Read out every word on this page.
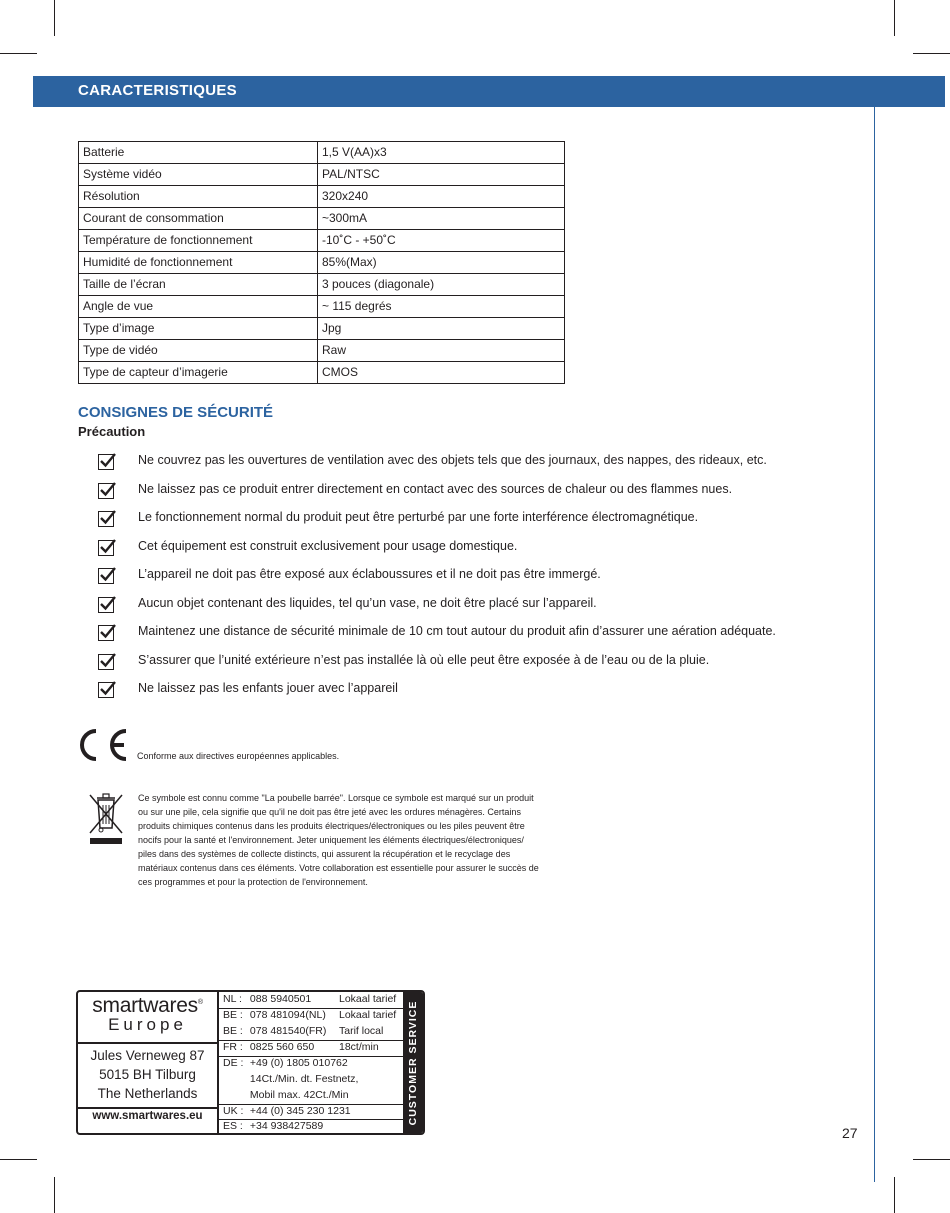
CARACTERISTIQUES
Batterie	1,5 V(AA)x3
Système vidéo	PAL/NTSC
Résolution	320x240
Courant de consommation	~300mA
Température de fonctionnement	-10˚C - +50˚C
Humidité de fonctionnement	85%(Max)
Taille de l’écran	3 pouces (diagonale)
Angle de vue	~ 115 degrés
Type d’image	Jpg
Type de vidéo	Raw
Type de capteur d’imagerie	CMOS
CONSIGNES DE SÉCURITÉ
Précaution
Ne couvrez pas les ouvertures de ventilation avec des objets tels que des journaux, des nappes, des rideaux, etc.
Ne laissez pas ce produit entrer directement en contact avec des sources de chaleur ou des flammes nues.
Le fonctionnement normal du produit peut être perturbé par une forte interférence électromagnétique.
Cet équipement est construit exclusivement pour usage domestique.
L’appareil ne doit pas être exposé aux éclaboussures et il ne doit pas être immergé.
Aucun objet contenant des liquides, tel qu’un vase, ne doit être placé sur l’appareil.
Maintenez une distance de sécurité minimale de 10 cm tout autour du produit afin d’assurer une aération adéquate.
S’assurer que l’unité extérieure n’est pas installée là où elle peut être exposée à de l’eau ou de la pluie.
Ne laissez pas les enfants jouer avec l’appareil
Conforme aux directives européennes applicables.
Ce symbole est connu comme "La poubelle barrée". Lorsque ce symbole est marqué sur un produit
ou sur une pile, cela signifie que qu'il ne doit pas être jeté avec les ordures ménagères. Certains
produits chimiques contenus dans les produits électriques/électroniques ou les piles peuvent être
nocifs pour la santé et l'environnement. Jeter uniquement les éléments électriques/électroniques/
piles dans des systèmes de collecte distincts, qui assurent la récupération et le recyclage des
matériaux contenus dans ces éléments. Votre collaboration est essentielle pour assurer le succès de
ces programmes et pour la protection de l'environnement.
smartwares®
Europe
Jules Verneweg 87
5015 BH Tilburg
The Netherlands
www.smartwares.eu
NL : 088 5940501	Lokaal tarief
BE : 078 481094(NL) Lokaal tarief
BE : 078 481540(FR) Tarif local
FR : 0825 560 650 18ct/min
DE : +49 (0) 1805 010762
14Ct./Min. dt. Festnetz,
Mobil max. 42Ct./Min
UK : +44 (0) 345 230 1231
ES : +34 938427589
CUSTOMER SERVICE
27
